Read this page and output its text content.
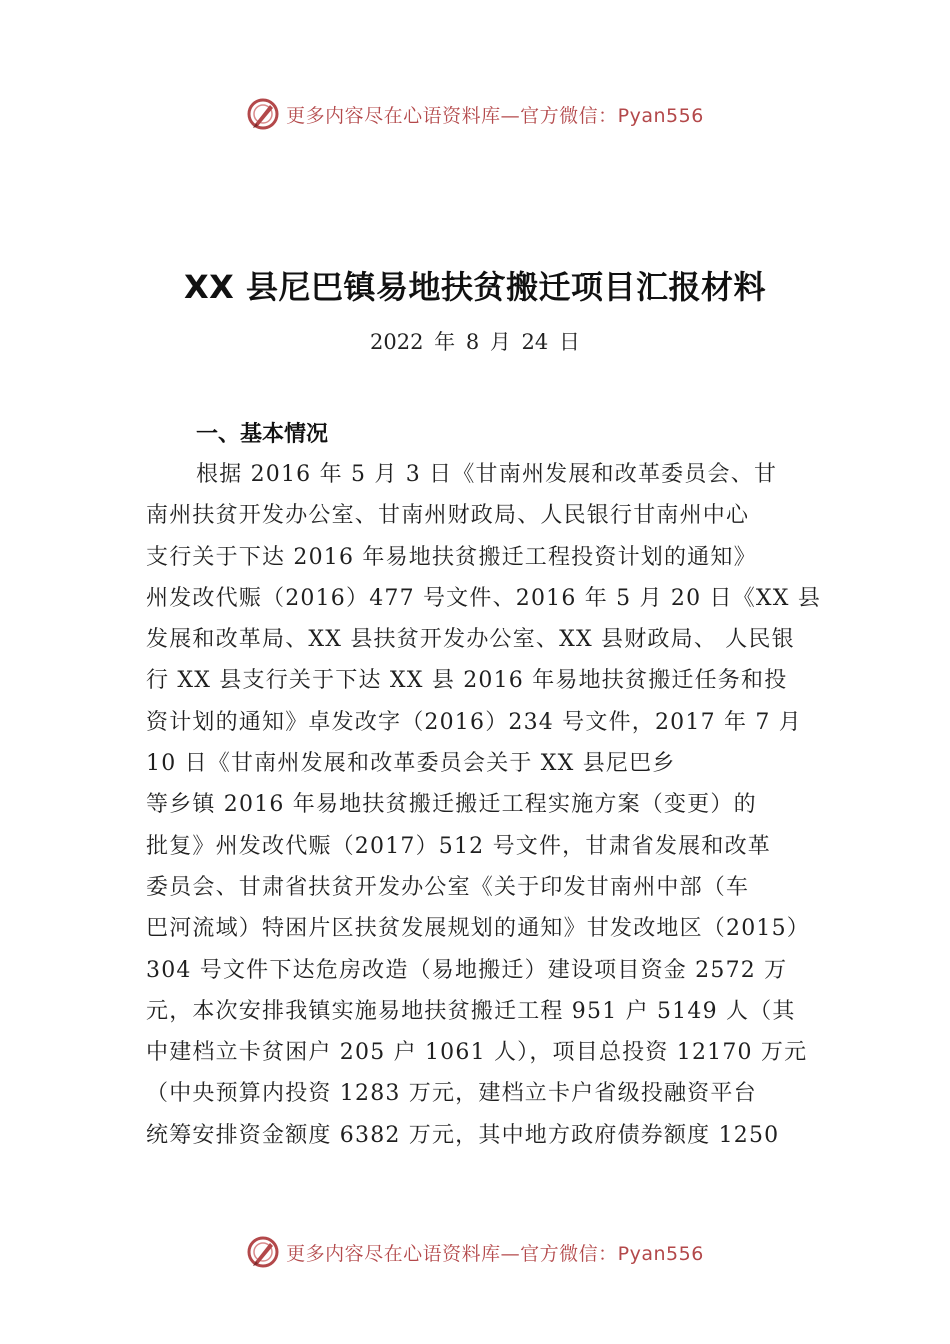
更多内容尽在心语资料库—官方微信：Pyan556
XX 县尼巴镇易地扶贫搬迁项目汇报材料
2022 年 8 月 24 日
一、基本情况
根据 2016 年 5 月 3 日《甘南州发展和改革委员会、甘
南州扶贫开发办公室、甘南州财政局、人民银行甘南州中心
支行关于下达 2016 年易地扶贫搬迁工程投资计划的通知》
州发改代赈（2016）477 号文件、2016 年 5 月 20 日《XX 县
发展和改革局、XX 县扶贫开发办公室、XX 县财政局、 人民银
行 XX 县支行关于下达 XX 县 2016 年易地扶贫搬迁任务和投
资计划的通知》卓发改字（2016）234 号文件，2017 年 7 月
10 日《甘南州发展和改革委员会关于 XX 县尼巴乡
等乡镇 2016 年易地扶贫搬迁搬迁工程实施方案（变更）的
批复》州发改代赈（2017）512 号文件，甘肃省发展和改革
委员会、甘肃省扶贫开发办公室《关于印发甘南州中部（车
巴河流域）特困片区扶贫发展规划的通知》甘发改地区（2015）
304 号文件下达危房改造（易地搬迁）建设项目资金 2572 万
元，本次安排我镇实施易地扶贫搬迁工程 951 户 5149 人（其
中建档立卡贫困户 205 户 1061 人），项目总投资 12170 万元
（中央预算内投资 1283 万元，建档立卡户省级投融资平台
统筹安排资金额度 6382 万元，其中地方政府债券额度 1250
更多内容尽在心语资料库—官方微信：Pyan556
